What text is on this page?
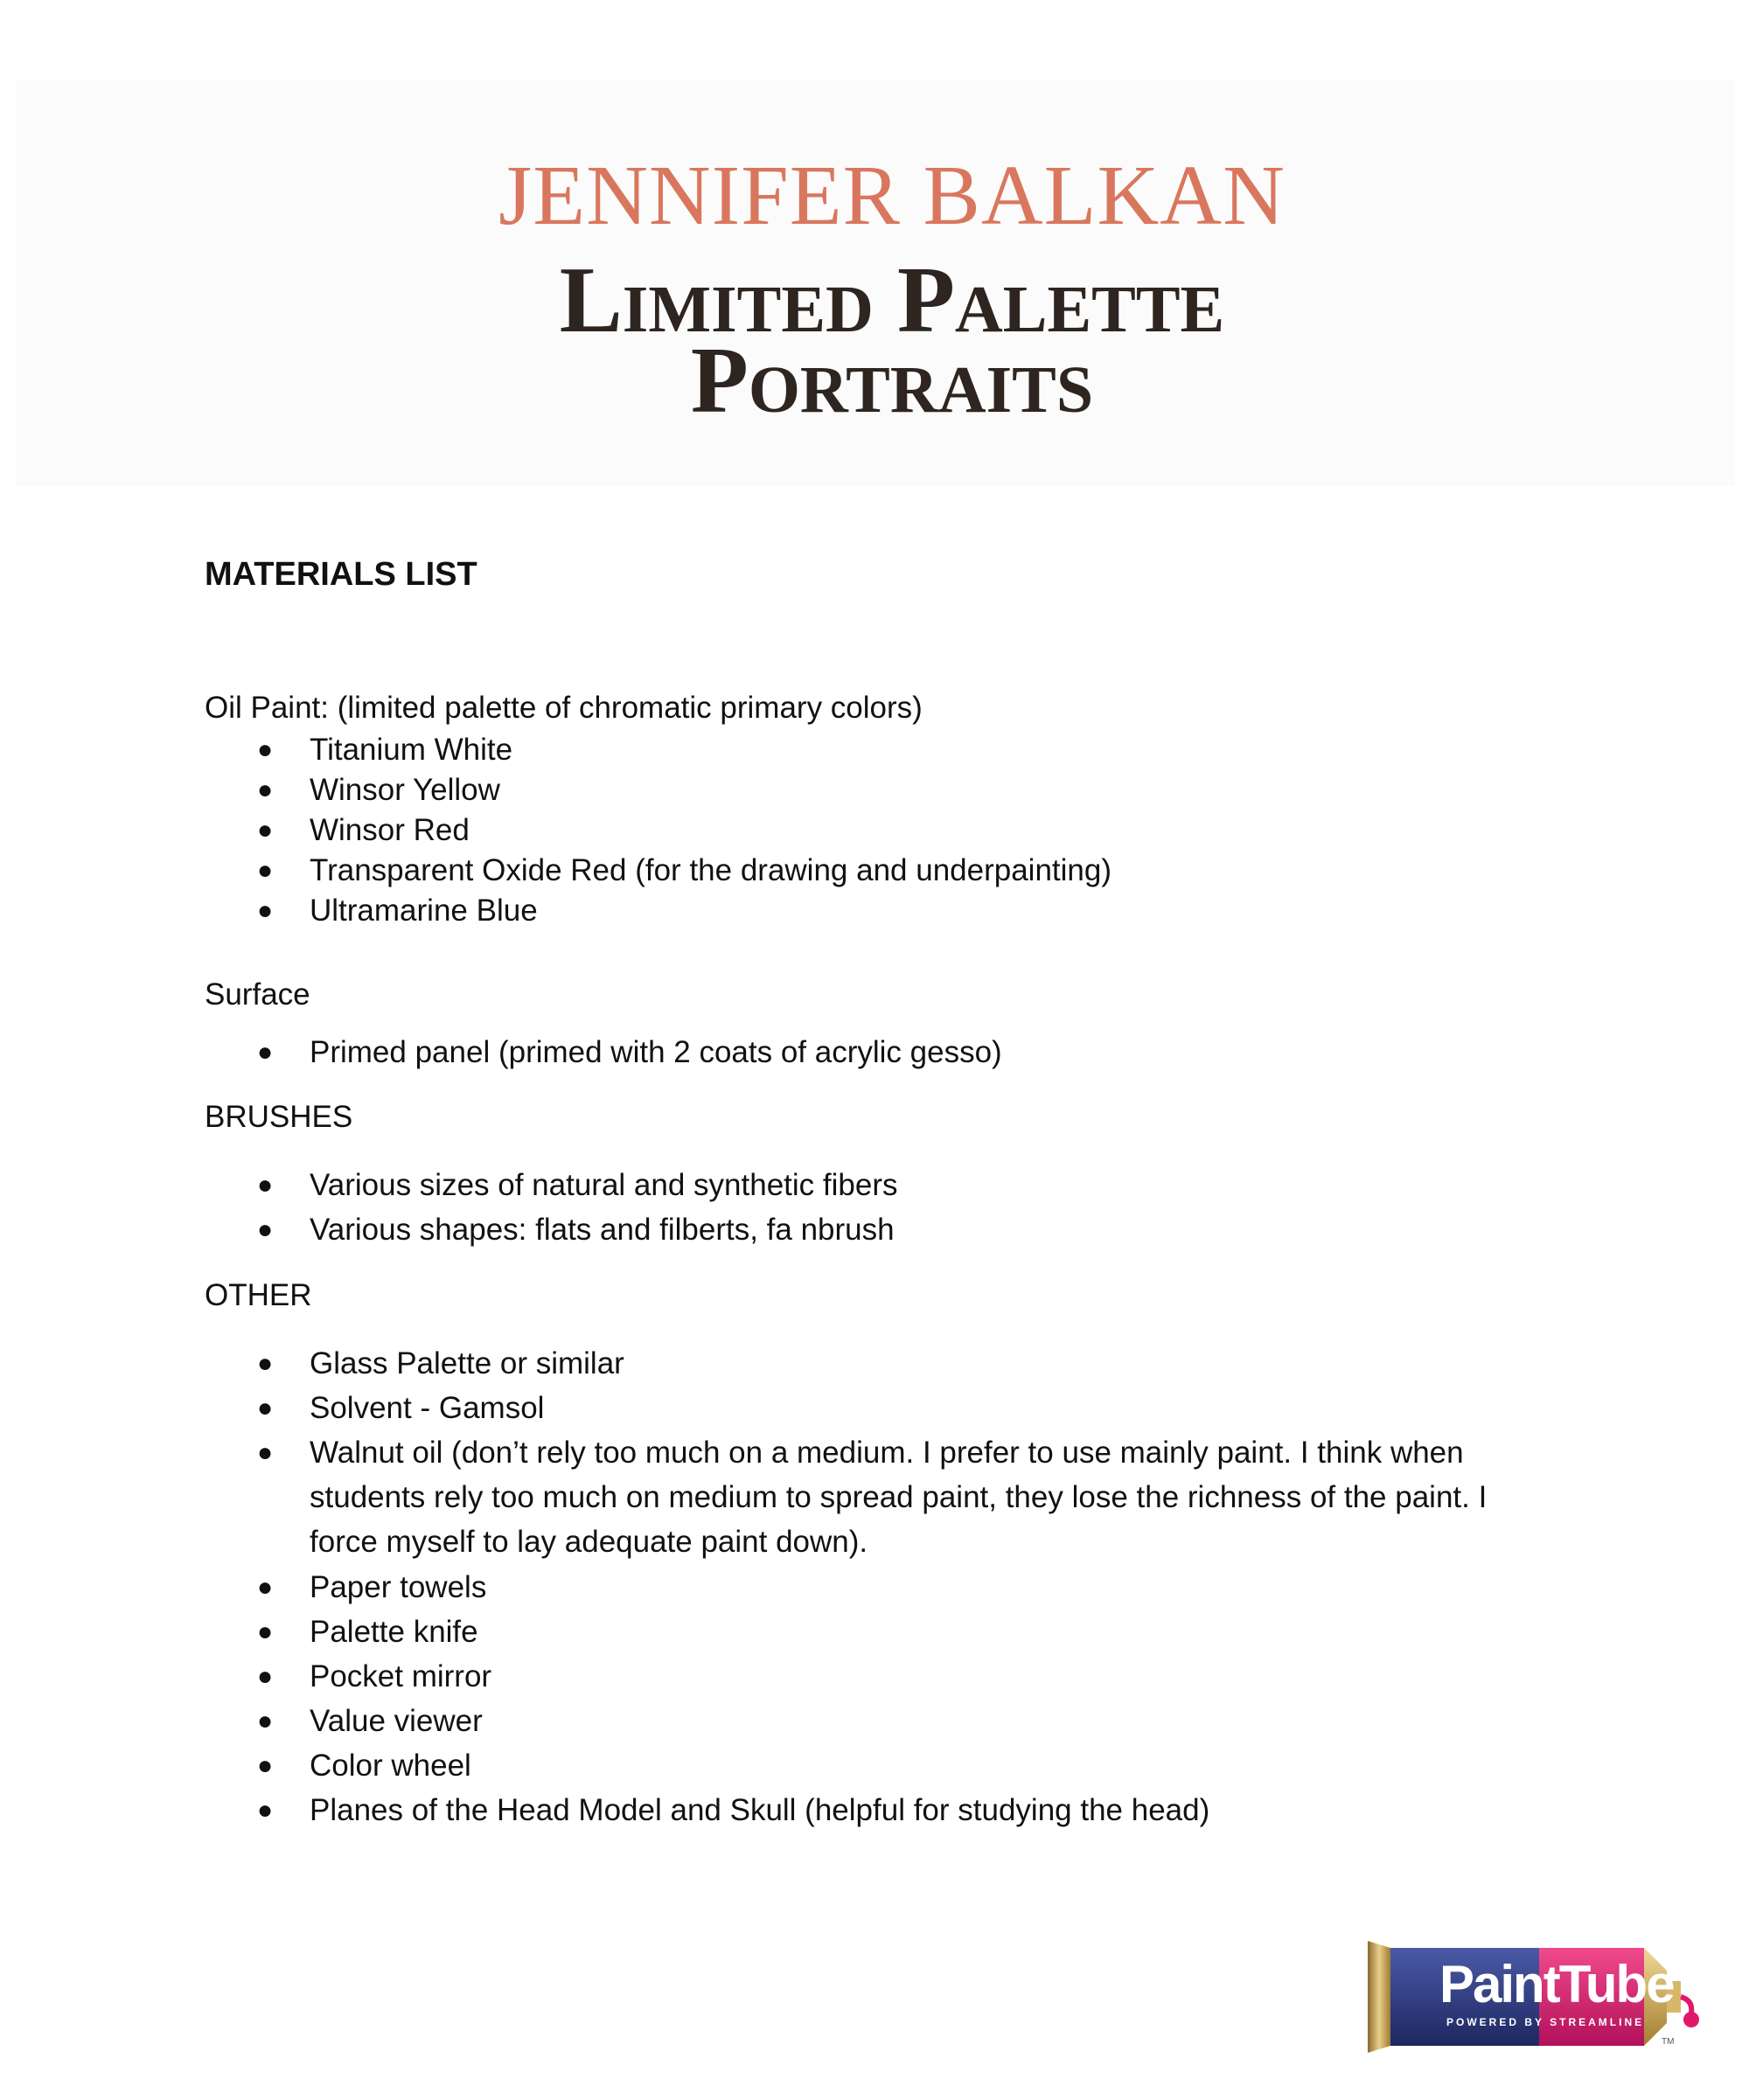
JENNIFER BALKAN
Limited Palette
Portraits
MATERIALS LIST
Oil Paint: (limited palette of chromatic primary colors)
●	Titanium White
●	Winsor Yellow
●	Winsor Red
●	Transparent Oxide Red (for the drawing and underpainting)
●	Ultramarine Blue
Surface
●	Primed panel (primed with 2 coats of acrylic gesso)
BRUSHES
●	Various sizes of natural and synthetic fibers
●	Various shapes: flats and filberts, fa nbrush
OTHER
●	Glass Palette or similar
●	Solvent - Gamsol
●	Walnut oil (don’t rely too much on a medium. I prefer to use mainly paint. I think when students rely too much on medium to spread paint, they lose the richness of the paint. I force myself to lay adequate paint down).
●	Paper towels
●	Palette knife
●	Pocket mirror
●	Value viewer
●	Color wheel
●	Planes of the Head Model and Skull (helpful for studying the head)
PaintTube
POWERED BY STREAMLINE
TM
